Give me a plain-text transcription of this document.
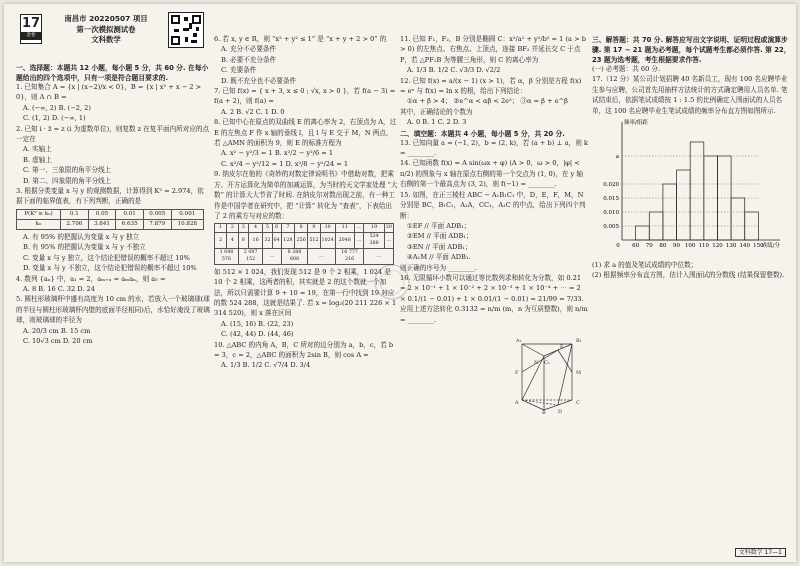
17
金卷
南昌市 20220507 项目
第一次模拟测试卷
文科数学
一、选择题：本题共 12 小题，每小题 5 分，共 60 分. 在每小题给出的四个选项中，只有一项是符合题目要求的.
1. 已知集合 A = {x | (x−2)/x < 0}，B = {x | x² + x − 2 > 0}，则 A ∩ B =
A. (−∞, 2) B. (−2, 2)
C. (1, 2) D. (−∞, 1)
2. 已知 i · z̄ = z (i 为虚数单位)，则复数 z 在复平面内所对应的点一定在
A. 实轴上
B. 虚轴上
C. 第一、三象限的角平分线上
D. 第二、四象限的角平分线上
3. 根据分类变量 x 与 y 的观测数据，计算得到 K² = 2.974，依据下面的临界值表，有下列判断，正确的是
P(K² ≥ k₀)	0.1	0.05	0.01	0.005	0.001
k₀	2.706	3.841	6.635	7.879	10.828
A. 有 95% 的把握认为变量 x 与 y 独立
B. 有 95% 的把握认为变量 x 与 y 不独立
C. 变量 x 与 y 独立，这个结论犯错误的概率不超过 10%
D. 变量 x 与 y 不独立，这个结论犯错误的概率不超过 10%
4. 数列 {aₙ} 中，a₁ = 2，aₘ₊ₙ = aₘaₙ，则 a₅ =
A. 8 B. 16 C. 32 D. 24
5. 圆柱形玻璃杯中盛有高度为 10 cm 的水，若放入一个玻璃球(球的半径与圆柱形玻璃杯内壁的底面半径相同)后，水恰好淹没了玻璃球，则玻璃球的半径为
A. 20/3 cm B. 15 cm
C. 10√3 cm D. 20 cm
6. 若 x, y ∈ R，则 “x² + y² ≤ 1” 是 “x + y + 2 > 0” 的
A. 充分不必要条件
B. 必要不充分条件
C. 充要条件
D. 既不充分也不必要条件
7. 已知 f(x) = { x + 3, x ≤ 0 ; √x, x > 0 }，若 f(a − 3) = f(a + 2)，则 f(a) =
A. 2 B. √2 C. 1 D. 0
8. 已知中心在原点的双曲线 E 的离心率为 2，右顶点为 A，过 E 的左焦点 F 作 x 轴的垂线 l，且 l 与 E 交于 M，N 两点，若 △AMN 的面积为 9，则 E 的标准方程为
A. x² − y²/3 = 1 B. x²/2 − y²/6 = 1
C. x²/4 − y²/12 = 1 D. x²/8 − y²/24 = 1
9. 纳皮尔在他的《奇妙的对数定律说明书》中借助对数，把乘方、开方运算化为简单的加减运算，为当时的天文学家处理 “大数” 的计算大大节省了时间. 在纳皮尔对数出现之前，有一种工作是中国学者在研究中，把 “计算” 转化为 “查表”，下表给出了 2 的乘方与对应的数：
1	2	3	4	5	6	7	8	9	10	11	…	19	20
2	4	8	16	32	64	128	256	512	1024	2048	…	524 288	…
1 048 576		2 097 152		…		8 388 608		…		16 777 216		…	
如 512 × 1 024，我们发现 512 是 9 个 2 相乘，1 024 是 10 个 2 相乘，这两者的积，其实就是 2 的这个数就一个加法，所以只需要计算 9 + 10 = 19，在第一行中找到 19 对应的数 524 288，这就是结果了. 若 x = log₂(20 211 226 × 1 314 520)，则 x 落在区间
A. (15, 16) B. (22, 23)
C. (42, 44) D. (44, 46)
10. △ABC 的内角 A，B，C 所对的边分别为 a，b，c，若 b = 3，c = 2，△ABC 的面积为 2sin B，则 cos A =
A. 1/3 B. 1/2 C. √7/4 D. 3/4
11. 已知 F₁，F₂，B 分别是椭圆 C：x²/a² + y²/b² = 1 (a > b > 0) 的左焦点、右焦点、上顶点，连接 BF₂ 并延长交 C 于点 P，若 △PF₁B 为等腰三角形，则 C 的离心率为
A. 1/3 B. 1/2 C. √3/3 D. √2/2
12. 已知 f(x) = a/(x − 1) (x > 1)，若 α，β 分别是方程 f(x) = eˣ 与 f(x) = ln x 的根，给出下列结论：
①α + β > 4； ②e^α < αβ < 2e²； ③α = β + e^β
其中，正确结论的个数为
A. 0 B. 1 C. 2 D. 3
二、填空题：本题共 4 小题，每小题 5 分，共 20 分.
13. 已知向量 a = (−1, 2)，b = (2, k)，若 (a + b) ⊥ a，则 k = ________.
14. 已知函数 f(x) = A sin(ωx + φ) (A > 0，ω > 0，|φ| < π/2) 的图象与 x 轴在原点右侧的第一个交点为 (1, 0)，在 y 轴右侧的第一个最高点为 (3, 2)，则 f(−1) = ________.
15. 如图，在正三棱柱 ABC − A₁B₁C₁ 中，D，E，F，M，N 分别是 BC，B₁C₁，A₁A，CC₁，A₁C 的中点，给出下列四个判断：
①EF // 平面 ADB₁；
②EM // 平面 ADB₁；
③EN // 平面 ADB₁；
④A₁M // 平面 ADB₁.
则正确的序号为 ________.
16. 无限循环小数可以通过等比数列求和转化为分数，如 0.2̇1̇ = 2 × 10⁻¹ + 1 × 10⁻² + 2 × 10⁻³ + 1 × 10⁻⁴ + ⋯ = 2 × 0.1/(1 − 0.01) + 1 × 0.01/(1 − 0.01) = 21/99 = 7/33.
应用上述方法转化 0.3̇13̇2̇ = n/m (m，n 为互质整数)，则 n/m = ________.
A₁	B₁
C₁
A
B
C
D
E
F	M
N
三、解答题：共 70 分. 解答应写出文字说明、证明过程或演算步骤. 第 17 ~ 21 题为必考题，每个试题考生都必须作答. 第 22，23 题为选考题，考生根据要求作答.
(一) 必考题：共 60 分.
17.（12 分）某公司计划招聘 40 名新员工，现有 100 名应聘毕业生参与应聘，公司首先用抽样方法统计的方式确定聘用人员名单. 笔试结束后，依据笔试成绩按 1 : 1.5 的比例确定入围面试的人员名单，这 100 名应聘毕业生笔试成绩的频率分布直方图如图所示.
a
0.020
0.015
0.010
0.005
0 60 70 80 90 100 110 120 130 140 150
频率/组距
成绩/分
(1) 求 a 的值及笔试成绩的中位数；
(2) 根据频率分布直方图，估计入围面试的分数线 (结果保留整数).
文科数学 17—1
